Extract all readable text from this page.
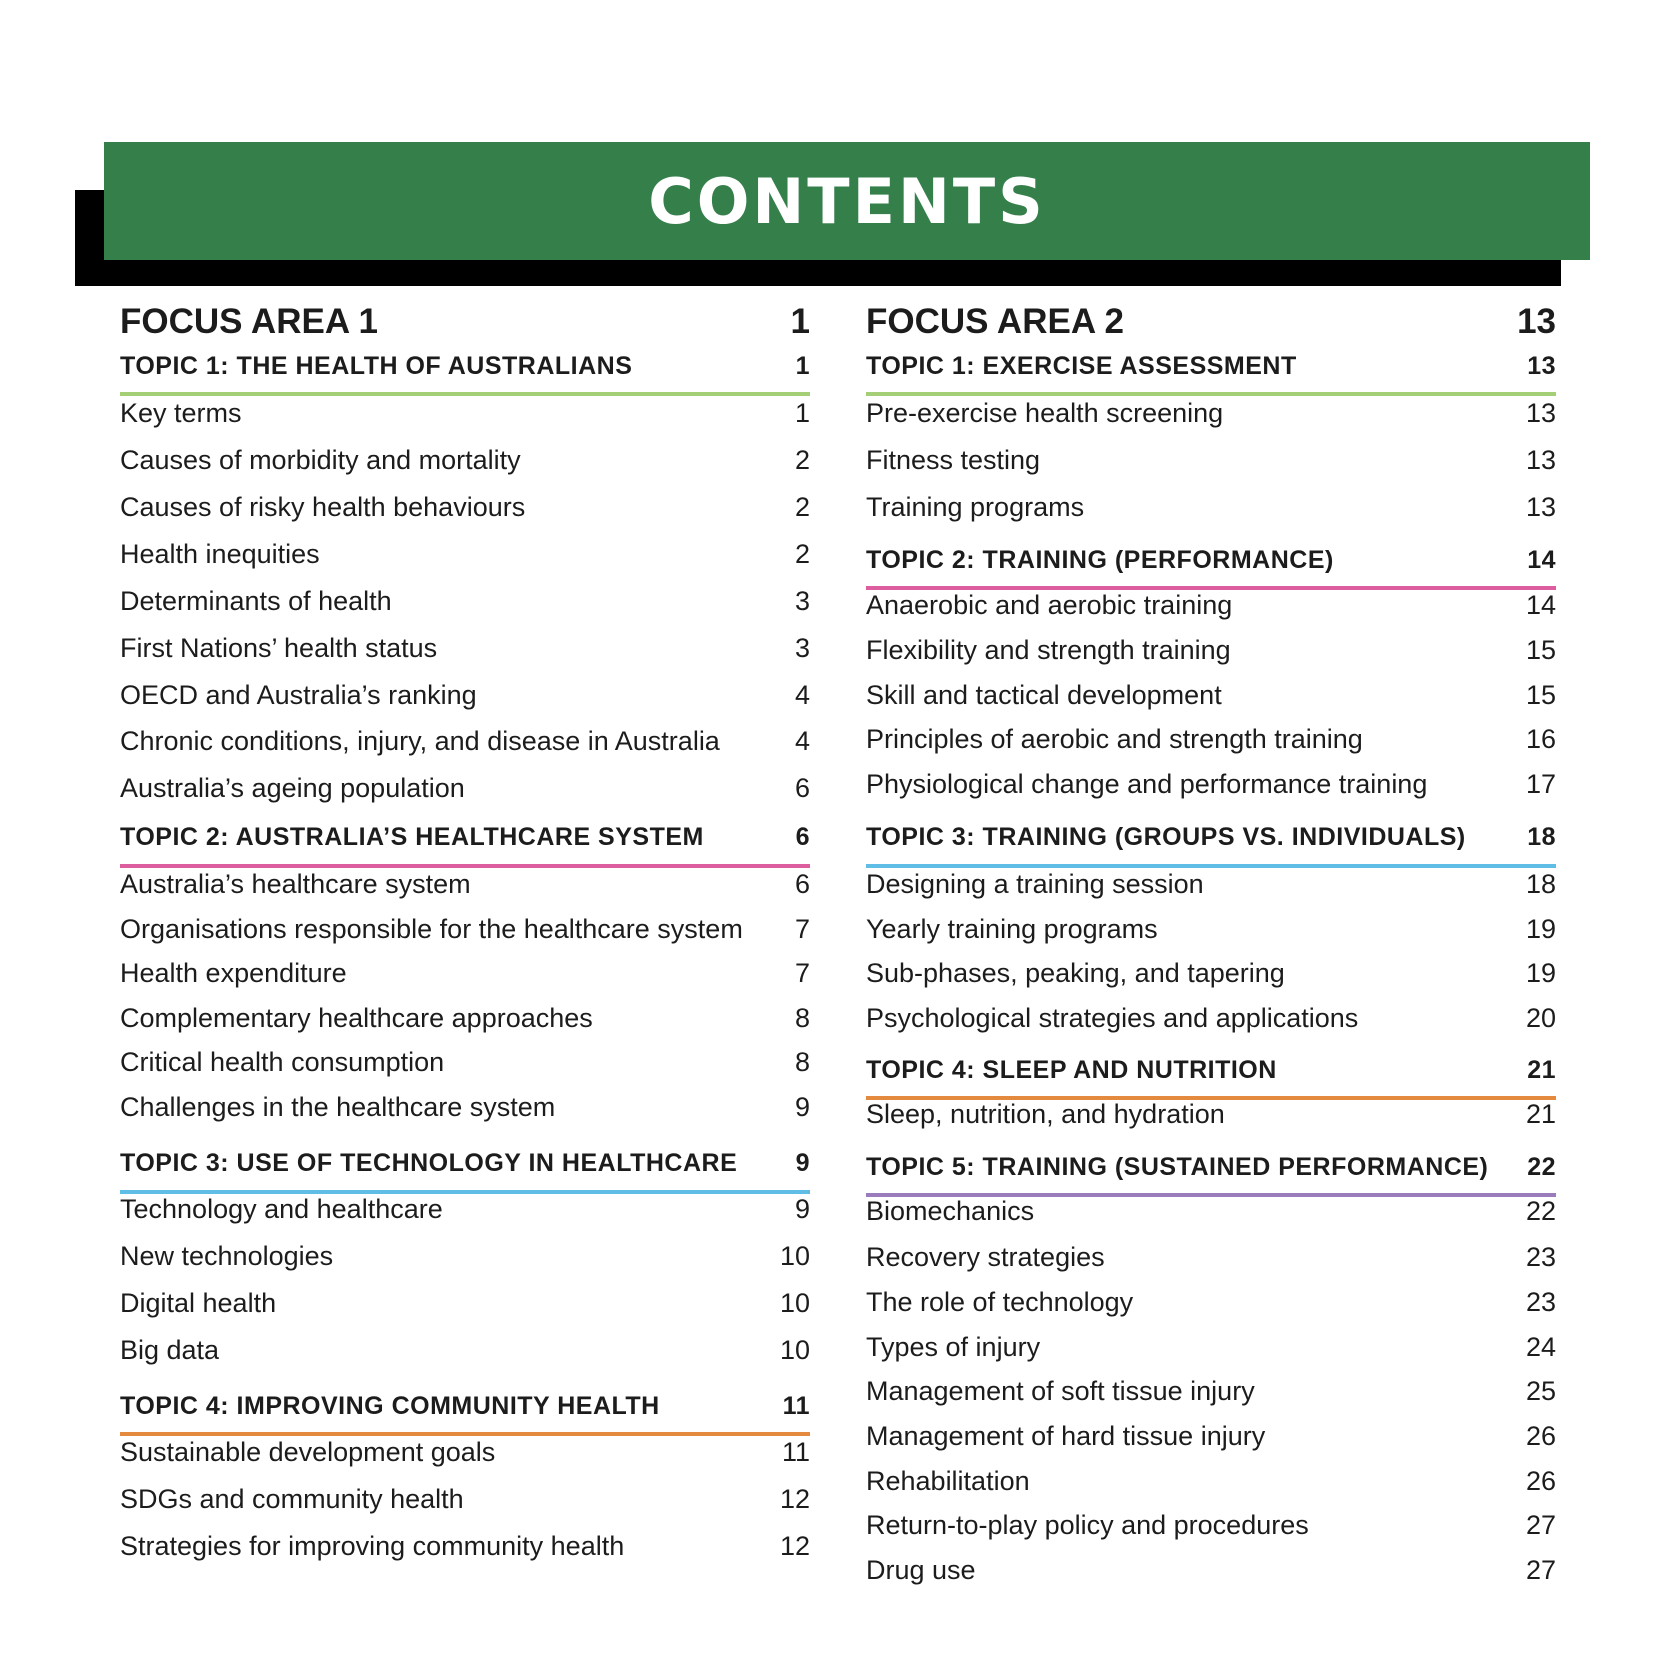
CONTENTS
FOCUS AREA 1	1
TOPIC 1: THE HEALTH OF AUSTRALIANS	1
Key terms	1
Causes of morbidity and mortality	2
Causes of risky health behaviours	2
Health inequities	2
Determinants of health	3
First Nations’ health status	3
OECD and Australia’s ranking	4
Chronic conditions, injury, and disease in Australia	4
Australia’s ageing population	6
TOPIC 2: AUSTRALIA’S HEALTHCARE SYSTEM	6
Australia’s healthcare system	6
Organisations responsible for the healthcare system 7
Health expenditure	7
Complementary healthcare approaches	8
Critical health consumption	8
Challenges in the healthcare system	9
TOPIC 3: USE OF TECHNOLOGY IN HEALTHCARE 9
Technology and healthcare	9
New technologies	10
Digital health	10
Big data	10
TOPIC 4: IMPROVING COMMUNITY HEALTH	11
Sustainable development goals	11
SDGs and community health	12
Strategies for improving community health	12
FOCUS AREA 2	13
TOPIC 1: EXERCISE ASSESSMENT	13
Pre-exercise health screening	13
Fitness testing	13
Training programs	13
TOPIC 2: TRAINING (PERFORMANCE)	14
Anaerobic and aerobic training	14
Flexibility and strength training	15
Skill and tactical development	15
Principles of aerobic and strength training	16
Physiological change and performance training	17
TOPIC 3: TRAINING (GROUPS VS. INDIVIDUALS) 18
Designing a training session	18
Yearly training programs	19
Sub-phases, peaking, and tapering	19
Psychological strategies and applications	20
TOPIC 4: SLEEP AND NUTRITION	21
Sleep, nutrition, and hydration	21
TOPIC 5: TRAINING (SUSTAINED PERFORMANCE) 22
Biomechanics	22
Recovery strategies	23
The role of technology	23
Types of injury	24
Management of soft tissue injury	25
Management of hard tissue injury	26
Rehabilitation	26
Return-to-play policy and procedures	27
Drug use	27
